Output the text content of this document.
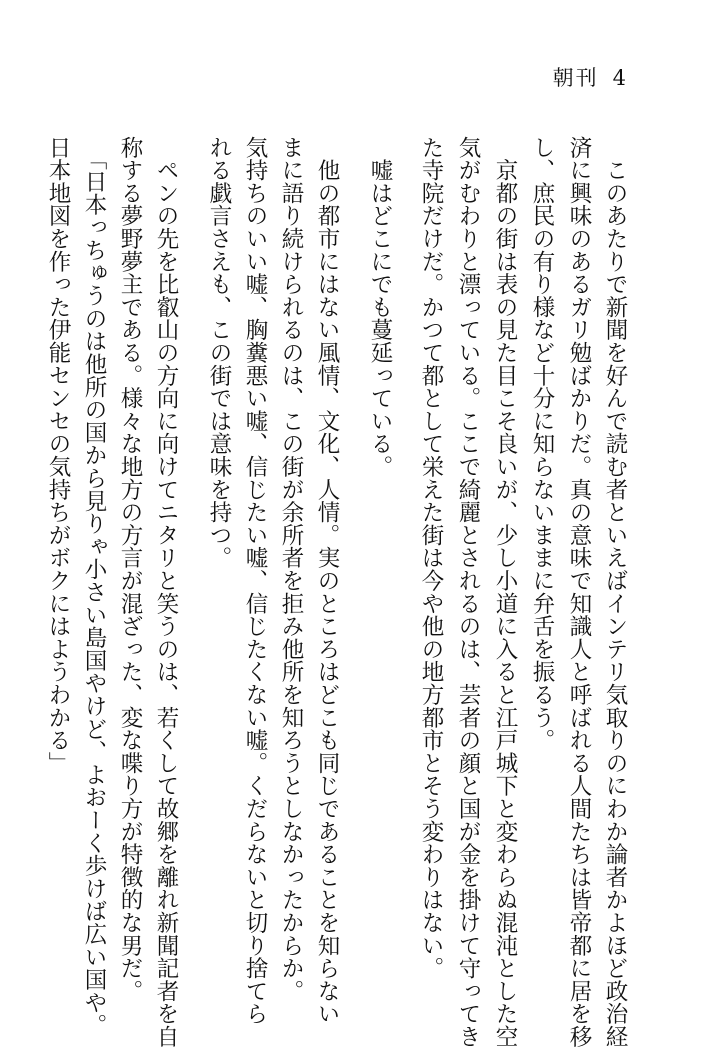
朝刊 4
　このあたりで新聞を好んで読む者といえばインテリ気取りのにわか論者かよほど政治経
済に興味のあるガリ勉ばかりだ。真の意味で知識人と呼ばれる人間たちは皆帝都に居を移
し、庶民の有り様など十分に知らないままに弁舌を振るう。
　京都の街は表の見た目こそ良いが、少し小道に入ると江戸城下と変わらぬ混沌とした空
気がむわりと漂っている。ここで綺麗とされるのは、芸者の顔と国が金を掛けて守ってき
た寺院だけだ。かつて都として栄えた街は今や他の地方都市とそう変わりはない。
　嘘はどこにでも蔓延っている。
　他の都市にはない風情、文化、人情。実のところはどこも同じであることを知らない
まに語り続けられるのは、この街が余所者を拒み他所を知ろうとしなかったからか。
気持ちのいい嘘、胸糞悪い嘘、信じたい嘘、信じたくない嘘。くだらないと切り捨てら
れる戯言さえも、この街では意味を持つ。
　ペンの先を比叡山の方向に向けてニタリと笑うのは、若くして故郷を離れ新聞記者を自
称する夢野夢主である。様々な地方の方言が混ざった、変な喋り方が特徴的な男だ。
　「日本っちゅうのは他所の国から見りゃ小さい島国やけど、よおーく歩けば広い国や。
日本地図を作った伊能センセの気持ちがボクにはようわかる」
